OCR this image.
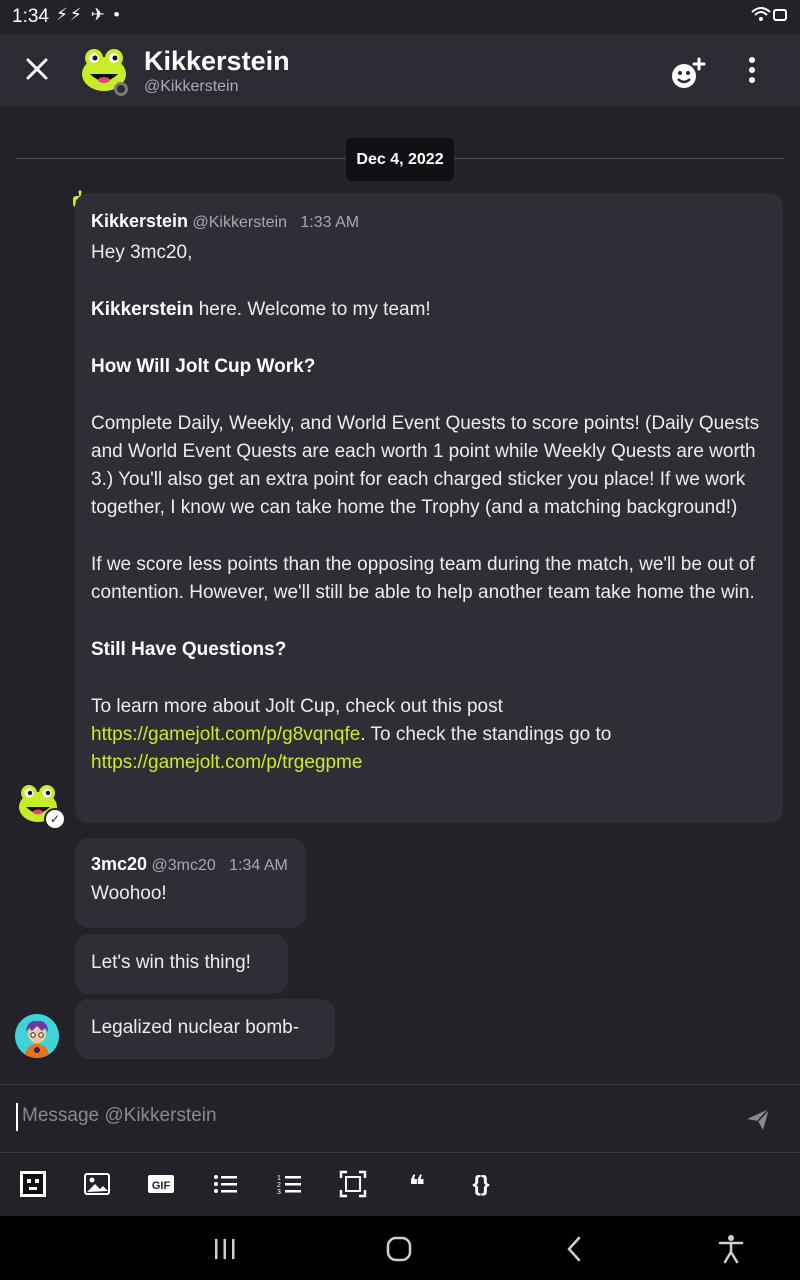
1:34 ⚡⚡ ✈ •
Kikkerstein
@Kikkerstein
Dec 4, 2022
Kikkerstein @Kikkerstein 1:33 AM

Hey 3mc20,

Kikkerstein here. Welcome to my team!

How Will Jolt Cup Work?

Complete Daily, Weekly, and World Event Quests to score points! (Daily Quests and World Event Quests are each worth 1 point while Weekly Quests are worth 3.) You'll also get an extra point for each charged sticker you place! If we work together, I know we can take home the Trophy (and a matching background!)

If we score less points than the opposing team during the match, we'll be out of contention. However, we'll still be able to help another team take home the win.

Still Have Questions?

To learn more about Jolt Cup, check out this post https://gamejolt.com/p/g8vqnqfe. To check the standings go to https://gamejolt.com/p/trgegpme

✓
3mc20 @3mc20 1:34 AM
Woohoo!
Let's win this thing!
Legalized nuclear bomb-
Message @Kikkerstein
GIF
1
2
3	❝	{}
